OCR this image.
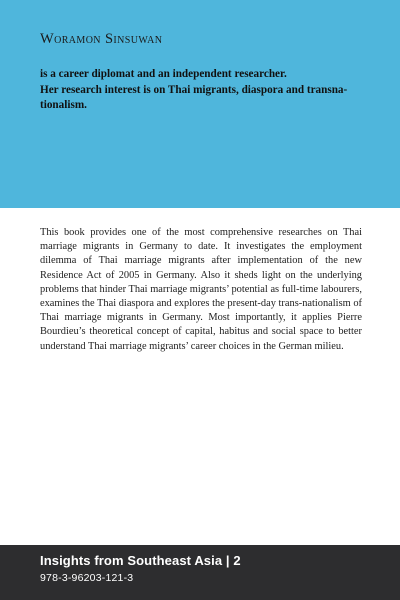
Woramon Sinsuwan

is a career diplomat and an independent researcher.

Her research interest is on Thai migrants, diaspora and transna-tionalism.

This book provides one of the most comprehensive researches on Thai marriage migrants in Germany to date. It investigates the employment dilemma of Thai marriage migrants after implementation of the new Residence Act of 2005 in Germany. Also it sheds light on the underlying problems that hinder Thai marriage migrants’ potential as full-time labourers, examines the Thai diaspora and explores the present-day trans-nationalism of Thai marriage migrants in Germany. Most importantly, it applies Pierre Bourdieu’s theoretical concept of capital, habitus and social space to better understand Thai marriage migrants’ career choices in the German milieu.
Insights from Southeast Asia | 2
978-3-96203-121-3
